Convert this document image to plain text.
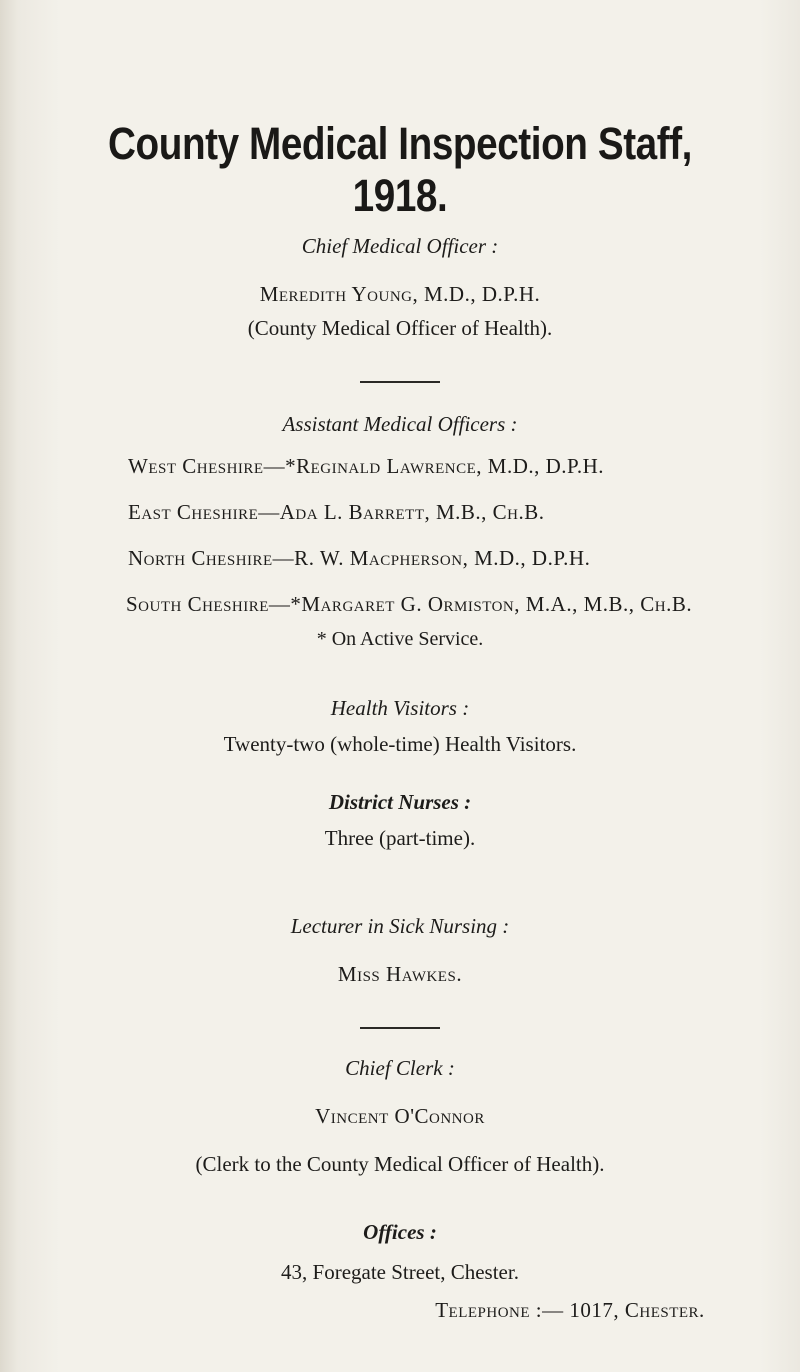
County Medical Inspection Staff, 1918.
Chief Medical Officer :
Meredith Young, M.D., D.P.H.
(County Medical Officer of Health).
Assistant Medical Officers :
West Cheshire—*Reginald Lawrence, M.D., D.P.H.
East Cheshire—Ada L. Barrett, M.B., Ch.B.
North Cheshire—R. W. Macpherson, M.D., D.P.H.
South Cheshire—*Margaret G. Ormiston, M.A., M.B., Ch.B.
* On Active Service.
Health Visitors :
Twenty-two (whole-time) Health Visitors.
District Nurses :
Three (part-time).
Lecturer in Sick Nursing :
Miss Hawkes.
Chief Clerk :
Vincent O'Connor
(Clerk to the County Medical Officer of Health).
Offices :
43, Foregate Street, Chester.
Telephone :— 1017, Chester.
